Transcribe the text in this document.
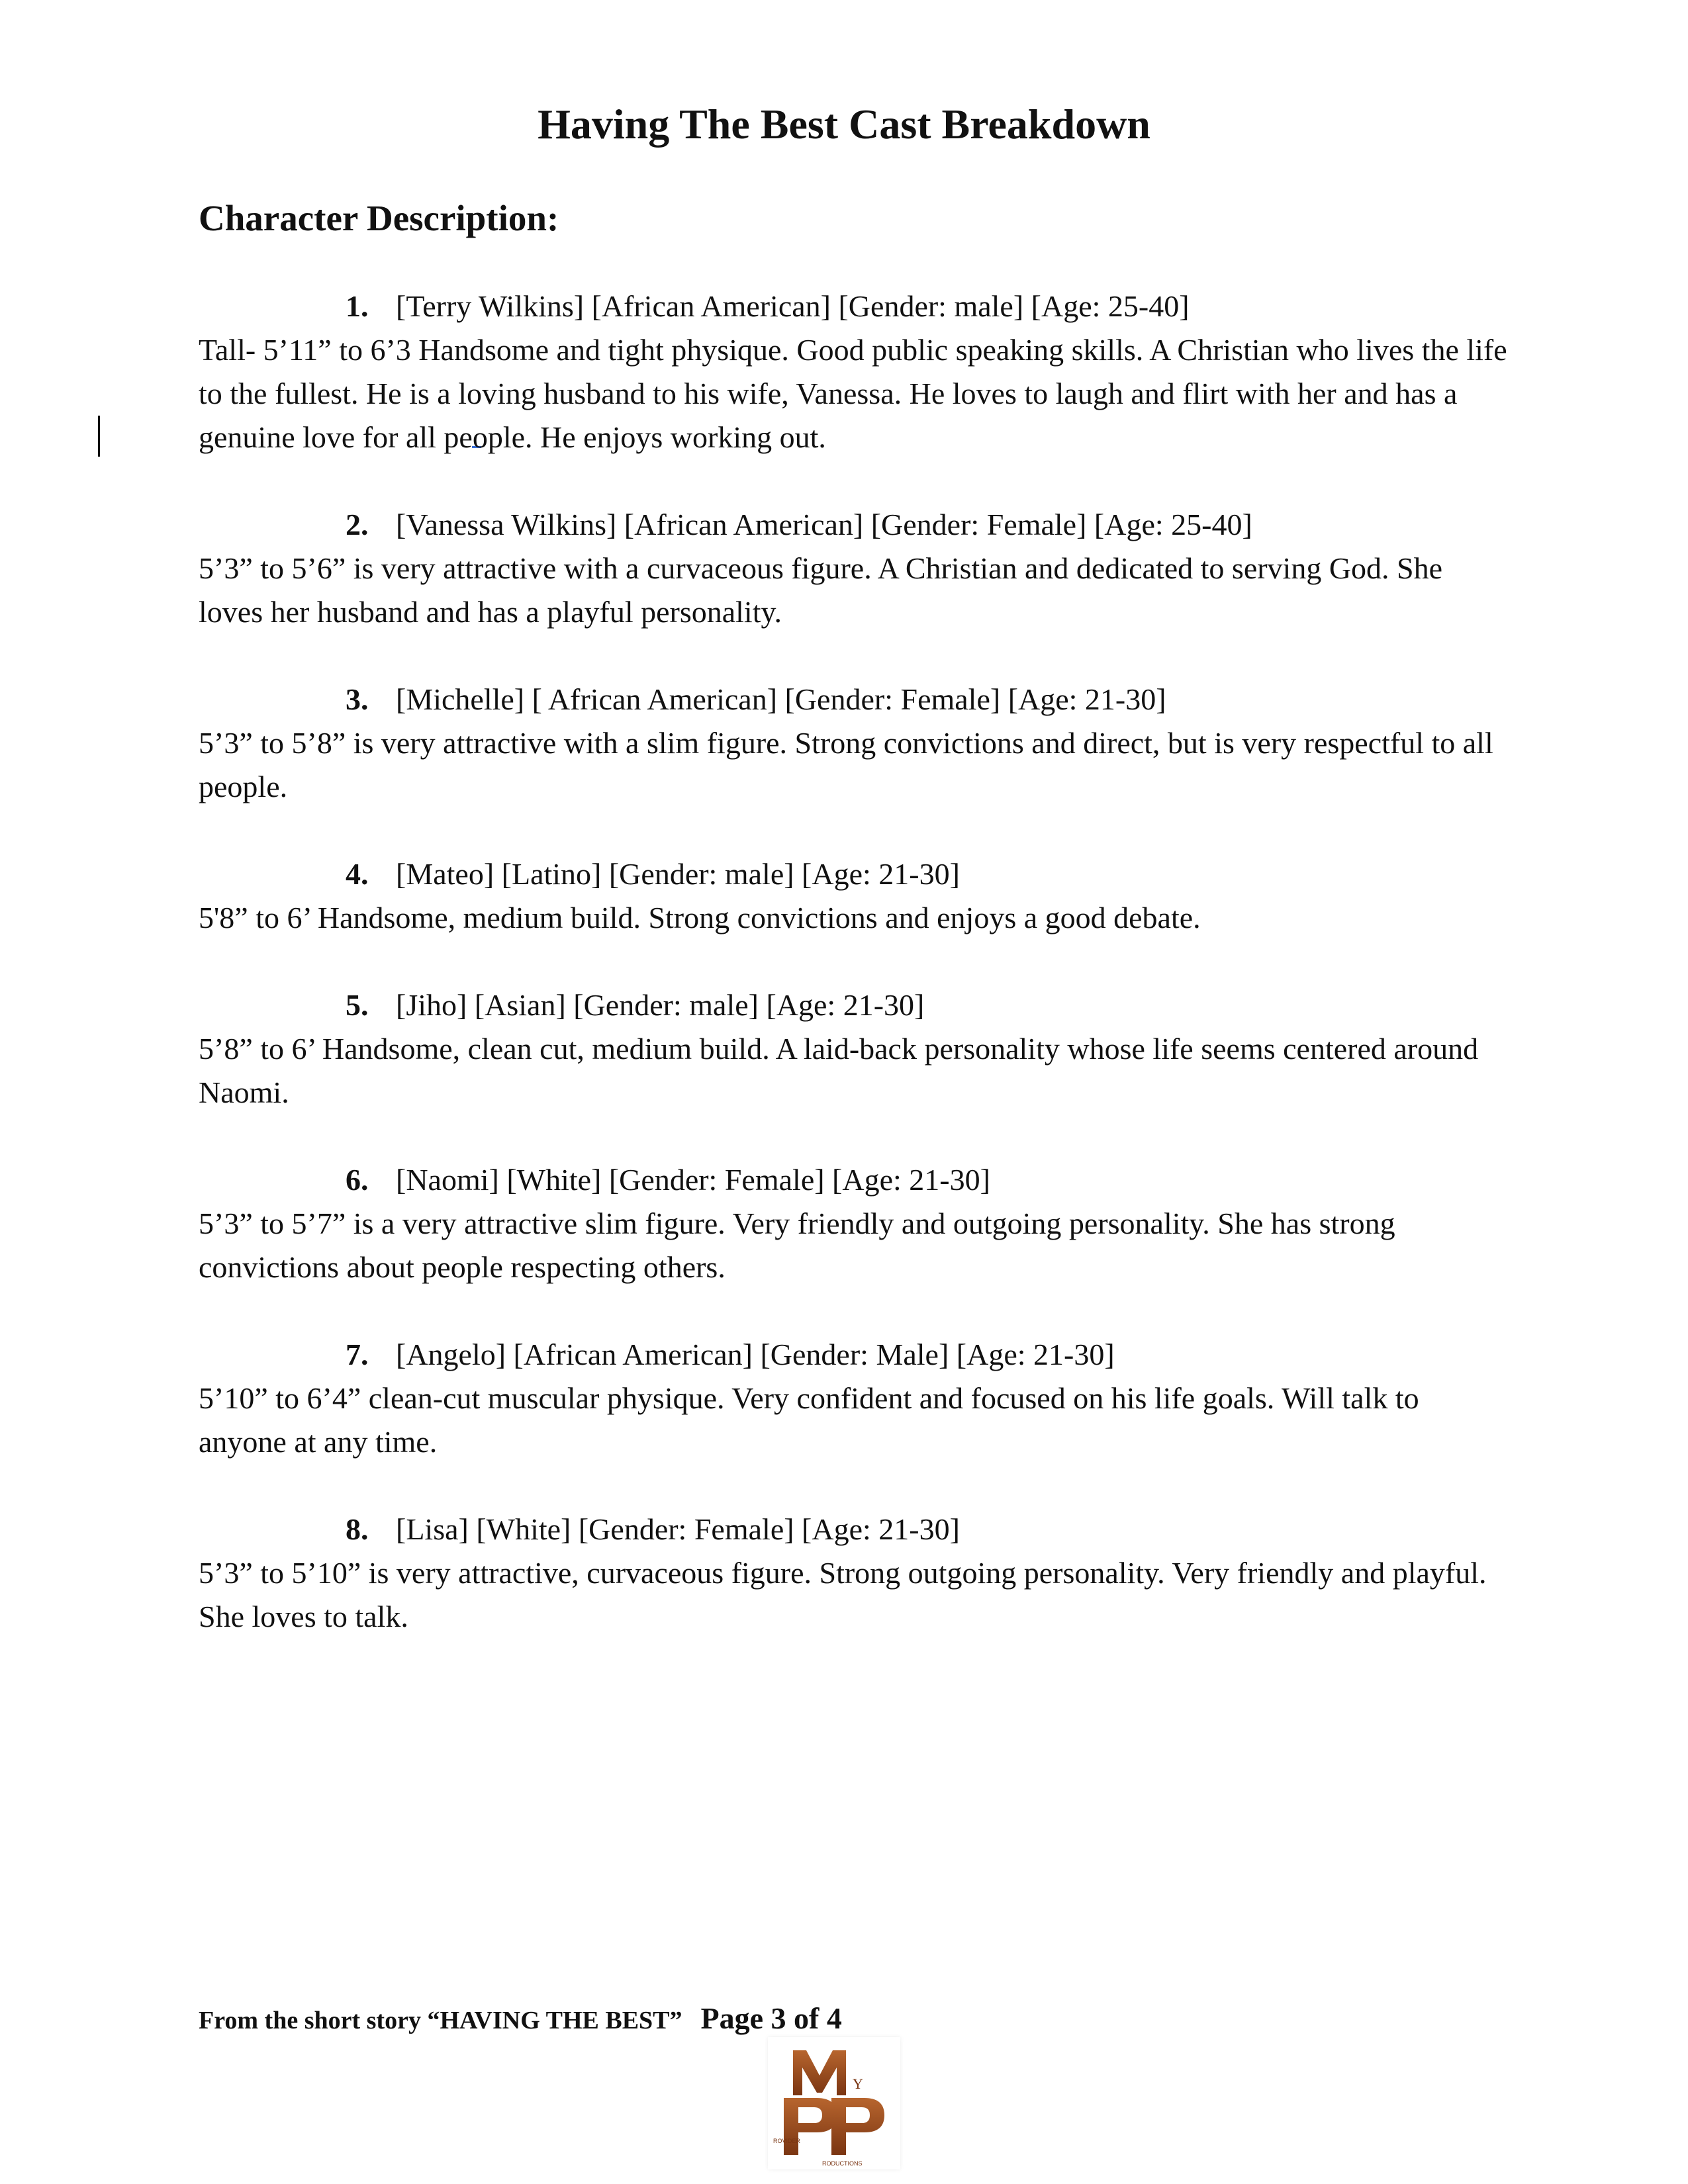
Having The Best Cast Breakdown
Character Description:
1. [Terry Wilkins] [African American] [Gender: male] [Age: 25-40]

Tall- 5’11” to 6’3 Handsome and tight physique. Good public speaking skills. A Christian who lives the life to the fullest. He is a loving husband to his wife, Vanessa. He loves to laugh and flirt with her and has a genuine love for all people. He enjoys working out.

2. [Vanessa Wilkins] [African American] [Gender: Female] [Age: 25-40]

5’3” to 5’6” is very attractive with a curvaceous figure. A Christian and dedicated to serving God. She loves her husband and has a playful personality.

3. [Michelle] [ African American] [Gender: Female] [Age: 21-30]

5’3” to 5’8” is very attractive with a slim figure. Strong convictions and direct, but is very respectful to all people.

4. [Mateo] [Latino] [Gender: male] [Age: 21-30]

5'8” to 6’ Handsome, medium build. Strong convictions and enjoys a good debate.

5. [Jiho] [Asian] [Gender: male] [Age: 21-30]

5’8” to 6’ Handsome, clean cut, medium build. A laid-back personality whose life seems centered around Naomi.

6. [Naomi] [White] [Gender: Female] [Age: 21-30]

5’3” to 5’7” is a very attractive slim figure. Very friendly and outgoing personality. She has strong convictions about people respecting others.

7. [Angelo] [African American] [Gender: Male] [Age: 21-30]

5’10” to 6’4” clean-cut muscular physique. Very confident and focused on his life goals. Will talk to anyone at any time.

8. [Lisa] [White] [Gender: Female] [Age: 21-30]

5’3” to 5’10” is very attractive, curvaceous figure. Strong outgoing personality. Very friendly and playful. She loves to talk.

From the short story “HAVING THE BEST” Page 3 of 4
Y
ROVIDER
RODUCTIONS
